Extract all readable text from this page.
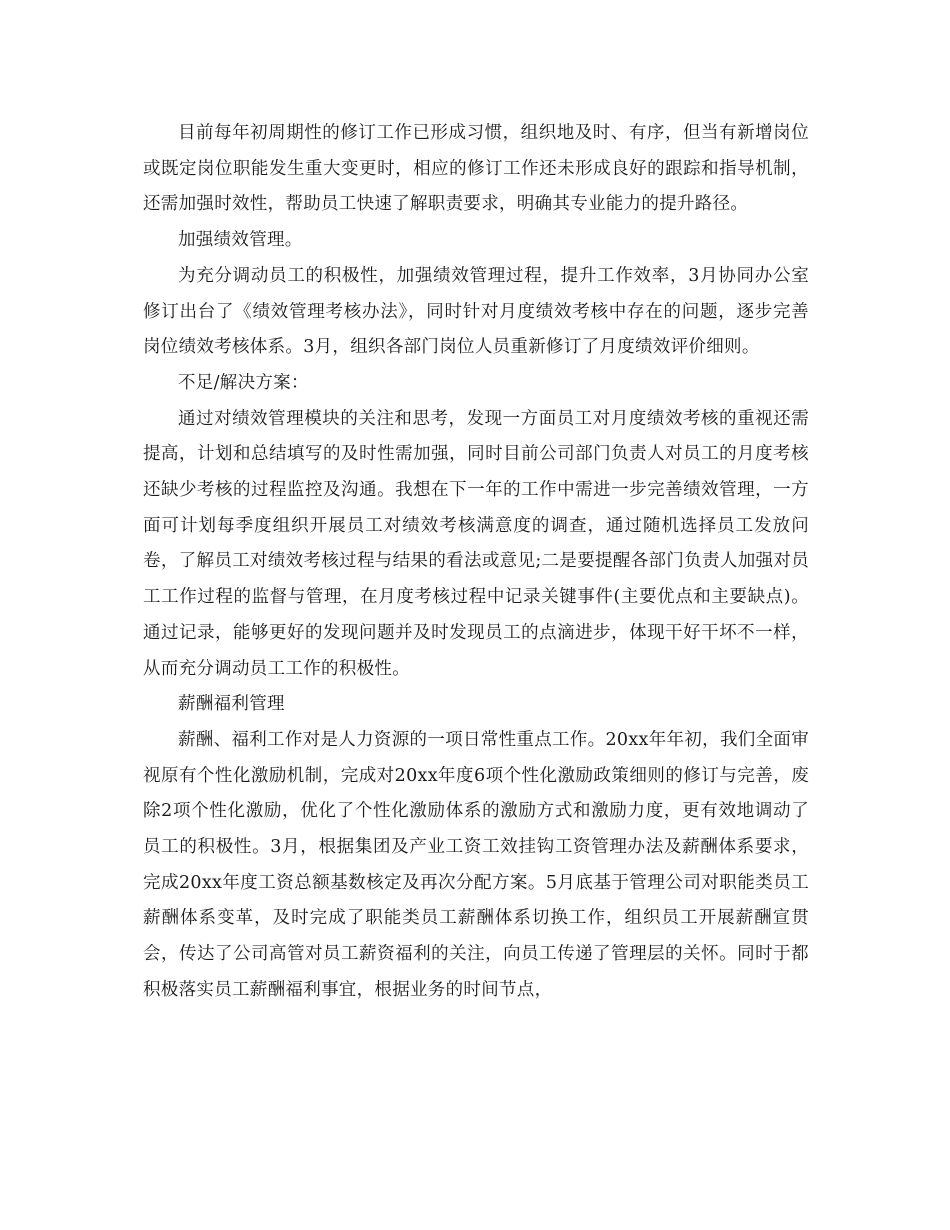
目前每年初周期性的修订工作已形成习惯，组织地及时、有序，但当有新增岗位或既定岗位职能发生重大变更时，相应的修订工作还未形成良好的跟踪和指导机制，还需加强时效性，帮助员工快速了解职责要求，明确其专业能力的提升路径。

加强绩效管理。

为充分调动员工的积极性，加强绩效管理过程，提升工作效率，3月协同办公室修订出台了《绩效管理考核办法》，同时针对月度绩效考核中存在的问题，逐步完善岗位绩效考核体系。3月，组织各部门岗位人员重新修订了月度绩效评价细则。

不足/解决方案：

通过对绩效管理模块的关注和思考，发现一方面员工对月度绩效考核的重视还需提高，计划和总结填写的及时性需加强，同时目前公司部门负责人对员工的月度考核还缺少考核的过程监控及沟通。我想在下一年的工作中需进一步完善绩效管理，一方面可计划每季度组织开展员工对绩效考核满意度的调查，通过随机选择员工发放问卷，了解员工对绩效考核过程与结果的看法或意见;二是要提醒各部门负责人加强对员工工作过程的监督与管理，在月度考核过程中记录关键事件(主要优点和主要缺点)。通过记录，能够更好的发现问题并及时发现员工的点滴进步，体现干好干坏不一样，从而充分调动员工工作的积极性。

薪酬福利管理

薪酬、福利工作对是人力资源的一项日常性重点工作。20xx年年初，我们全面审视原有个性化激励机制，完成对20xx年度6项个性化激励政策细则的修订与完善，废除2项个性化激励，优化了个性化激励体系的激励方式和激励力度，更有效地调动了员工的积极性。3月，根据集团及产业工资工效挂钩工资管理办法及薪酬体系要求，完成20xx年度工资总额基数核定及再次分配方案。5月底基于管理公司对职能类员工薪酬体系变革，及时完成了职能类员工薪酬体系切换工作，组织员工开展薪酬宣贯会，传达了公司高管对员工薪资福利的关注，向员工传递了管理层的关怀。同时于都积极落实员工薪酬福利事宜，根据业务的时间节点，
